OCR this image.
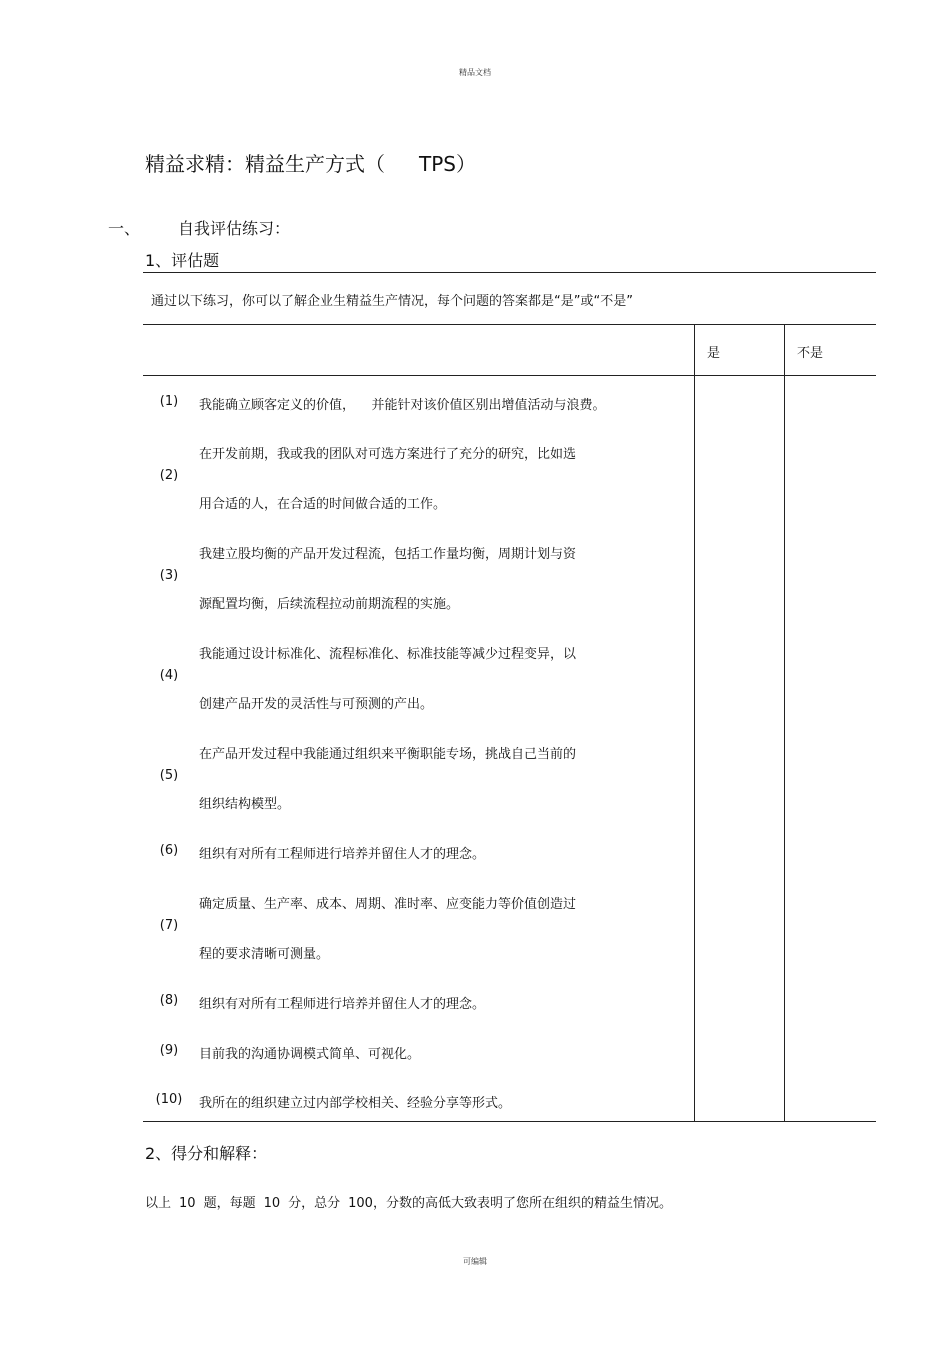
精品文档
精益求精：精益生产方式（ TPS）
一、 自我评估练习：
1、评估题
通过以下练习，你可以了解企业生精益生产情况，每个问题的答案都是“是”或“不是”
是	不是
(1)	我能确立顾客定义的价值，    并能针对该价值区别出增值活动与浪费。
(2)
在开发前期，我或我的团队对可选方案进行了充分的研究，比如选
用合适的人，在合适的时间做合适的工作。
(3)
我建立股均衡的产品开发过程流，包括工作量均衡，周期计划与资
源配置均衡，后续流程拉动前期流程的实施。
(4)
我能通过设计标准化、流程标准化、标准技能等减少过程变异，以
创建产品开发的灵活性与可预测的产出。
(5)
在产品开发过程中我能通过组织来平衡职能专场，挑战自己当前的
组织结构模型。
(6)	组织有对所有工程师进行培养并留住人才的理念。
(7)
确定质量、生产率、成本、周期、准时率、应变能力等价值创造过
程的要求清晰可测量。
(8)	组织有对所有工程师进行培养并留住人才的理念。
(9)	目前我的沟通协调模式简单、可视化。
(10)	我所在的组织建立过内部学校相关、经验分享等形式。
2、得分和解释：
以上 10 题，每题 10 分，总分 100，分数的高低大致表明了您所在组织的精益生情况。
可编辑
